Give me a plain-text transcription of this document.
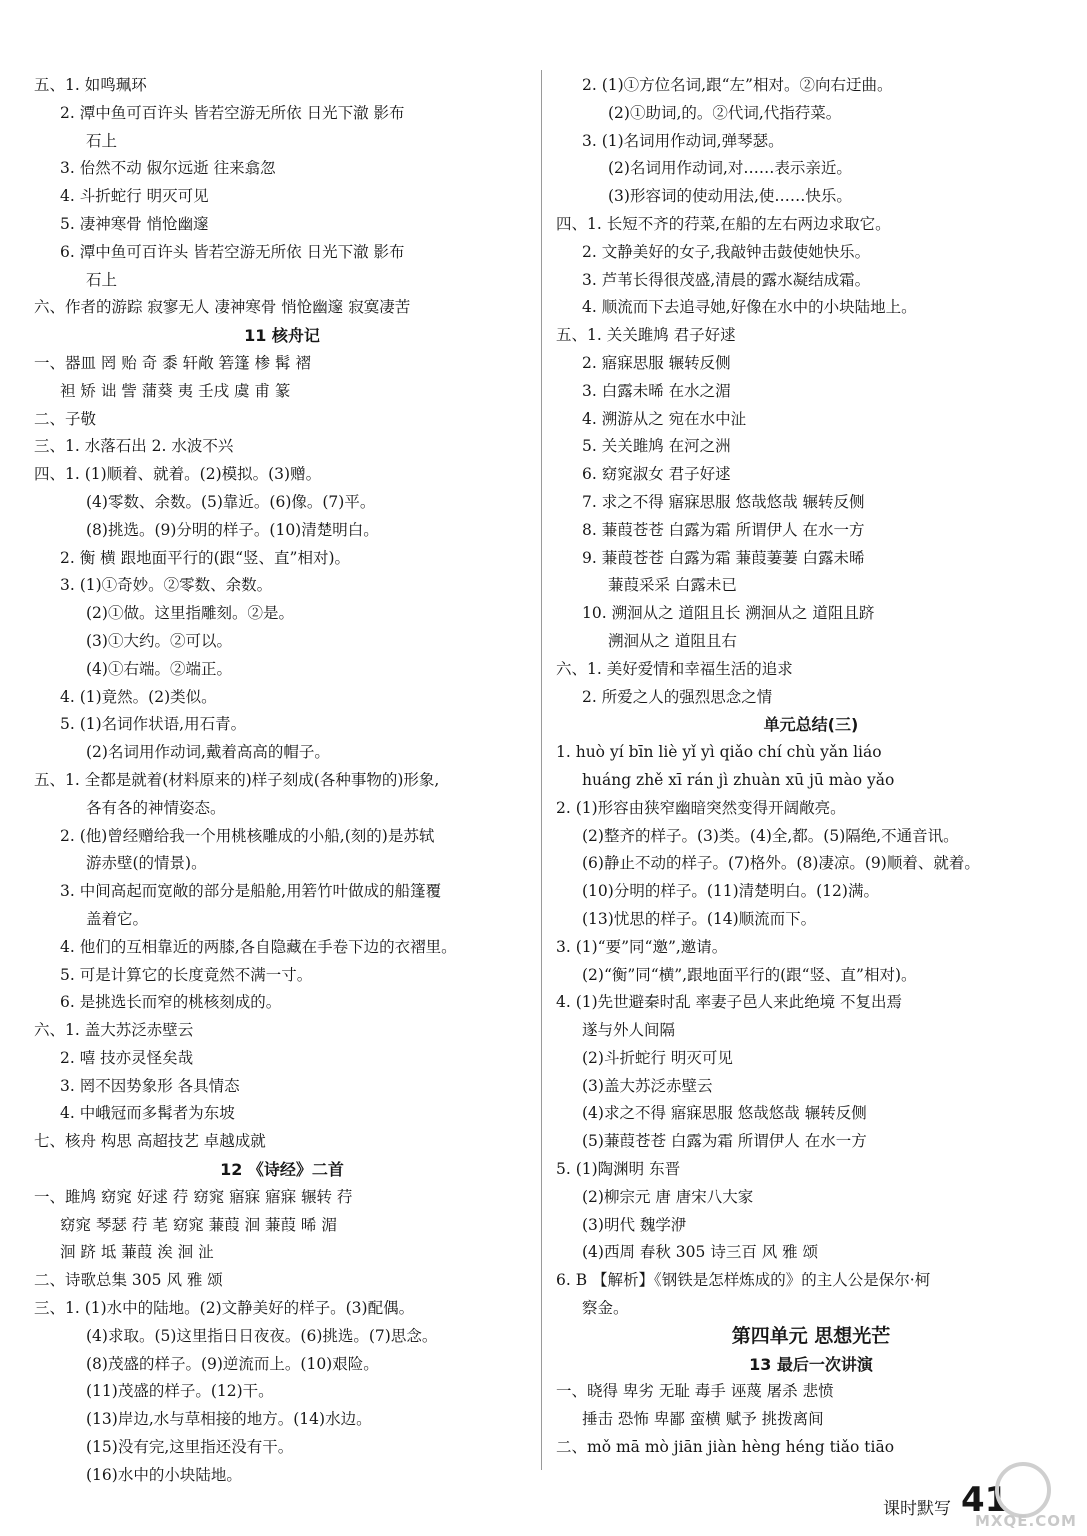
五、1. 如鸣珮环
2. 潭中鱼可百许头 皆若空游无所依 日光下澈 影布
石上
3. 佁然不动 俶尔远逝 往来翕忽
4. 斗折蛇行 明灭可见
5. 凄神寒骨 悄怆幽邃
6. 潭中鱼可百许头 皆若空游无所依 日光下澈 影布
石上
六、作者的游踪 寂寥无人 凄神寒骨 悄怆幽邃 寂寞凄苦
11 核舟记
一、器皿 罔 贻 奇 黍 轩敞 箬篷 椮 髯 褶
袒 矫 诎 訾 蒲葵 夷 壬戌 虞 甫 篆
二、子敬
三、1. 水落石出 2. 水波不兴
四、1. (1)顺着、就着。(2)模拟。(3)赠。
(4)零数、余数。(5)靠近。(6)像。(7)平。
(8)挑选。(9)分明的样子。(10)清楚明白。
2. 衡 横 跟地面平行的(跟“竖、直”相对)。
3. (1)①奇妙。②零数、余数。
(2)①做。这里指雕刻。②是。
(3)①大约。②可以。
(4)①右端。②端正。
4. (1)竟然。(2)类似。
5. (1)名词作状语,用石青。
(2)名词用作动词,戴着高高的帽子。
五、1. 全都是就着(材料原来的)样子刻成(各种事物的)形象,
各有各的神情姿态。
2. (他)曾经赠给我一个用桃核雕成的小船,(刻的)是苏轼
游赤壁(的情景)。
3. 中间高起而宽敞的部分是船舱,用箬竹叶做成的船篷覆
盖着它。
4. 他们的互相靠近的两膝,各自隐藏在手卷下边的衣褶里。
5. 可是计算它的长度竟然不满一寸。
6. 是挑选长而窄的桃核刻成的。
六、1. 盖大苏泛赤壁云
2. 嘻 技亦灵怪矣哉
3. 罔不因势象形 各具情态
4. 中峨冠而多髯者为东坡
七、核舟 构思 高超技艺 卓越成就
12 《诗经》二首
一、雎鸠 窈窕 好逑 荇 窈窕 寤寐 寤寐 辗转 荇
窈窕 琴瑟 荇 芼 窈窕 蒹葭 洄 蒹葭 晞 湄
洄 跻 坻 蒹葭 涘 洄 沚
二、诗歌总集 305 风 雅 颂
三、1. (1)水中的陆地。(2)文静美好的样子。(3)配偶。
(4)求取。(5)这里指日日夜夜。(6)挑选。(7)思念。
(8)茂盛的样子。(9)逆流而上。(10)艰险。
(11)茂盛的样子。(12)干。
(13)岸边,水与草相接的地方。(14)水边。
(15)没有完,这里指还没有干。
(16)水中的小块陆地。
2. (1)①方位名词,跟“左”相对。②向右迂曲。
(2)①助词,的。②代词,代指荇菜。
3. (1)名词用作动词,弹琴瑟。
(2)名词用作动词,对……表示亲近。
(3)形容词的使动用法,使……快乐。
四、1. 长短不齐的荇菜,在船的左右两边求取它。
2. 文静美好的女子,我敲钟击鼓使她快乐。
3. 芦苇长得很茂盛,清晨的露水凝结成霜。
4. 顺流而下去追寻她,好像在水中的小块陆地上。
五、1. 关关雎鸠 君子好逑
2. 寤寐思服 辗转反侧
3. 白露未晞 在水之湄
4. 溯游从之 宛在水中沚
5. 关关雎鸠 在河之洲
6. 窈窕淑女 君子好逑
7. 求之不得 寤寐思服 悠哉悠哉 辗转反侧
8. 蒹葭苍苍 白露为霜 所谓伊人 在水一方
9. 蒹葭苍苍 白露为霜 蒹葭萋萋 白露未晞
蒹葭采采 白露未已
10. 溯洄从之 道阻且长 溯洄从之 道阻且跻
溯洄从之 道阻且右
六、1. 美好爱情和幸福生活的追求
2. 所爱之人的强烈思念之情
单元总结(三)
1. huò yí bīn liè yǐ yì qiǎo chí chù yǎn liáo
huáng zhě xī rán jì zhuàn xū jū mào yǎo
2. (1)形容由狭窄幽暗突然变得开阔敞亮。
(2)整齐的样子。(3)类。(4)全,都。(5)隔绝,不通音讯。
(6)静止不动的样子。(7)格外。(8)凄凉。(9)顺着、就着。
(10)分明的样子。(11)清楚明白。(12)满。
(13)忧思的样子。(14)顺流而下。
3. (1)“要”同“邀”,邀请。
(2)“衡”同“横”,跟地面平行的(跟“竖、直”相对)。
4. (1)先世避秦时乱 率妻子邑人来此绝境 不复出焉
遂与外人间隔
(2)斗折蛇行 明灭可见
(3)盖大苏泛赤壁云
(4)求之不得 寤寐思服 悠哉悠哉 辗转反侧
(5)蒹葭苍苍 白露为霜 所谓伊人 在水一方
5. (1)陶渊明 东晋
(2)柳宗元 唐 唐宋八大家
(3)明代 魏学洢
(4)西周 春秋 305 诗三百 风 雅 颂
6. B 【解析】《钢铁是怎样炼成的》的主人公是保尔·柯
察金。
第四单元 思想光芒
13 最后一次讲演
一、晓得 卑劣 无耻 毒手 诬蔑 屠杀 悲愤
捶击 恐怖 卑鄙 蛮横 赋予 挑拨离间
二、mǒ mā mò jiān jiàn hèng héng tiǎo tiāo
课时默写 41
MXQE.COM
